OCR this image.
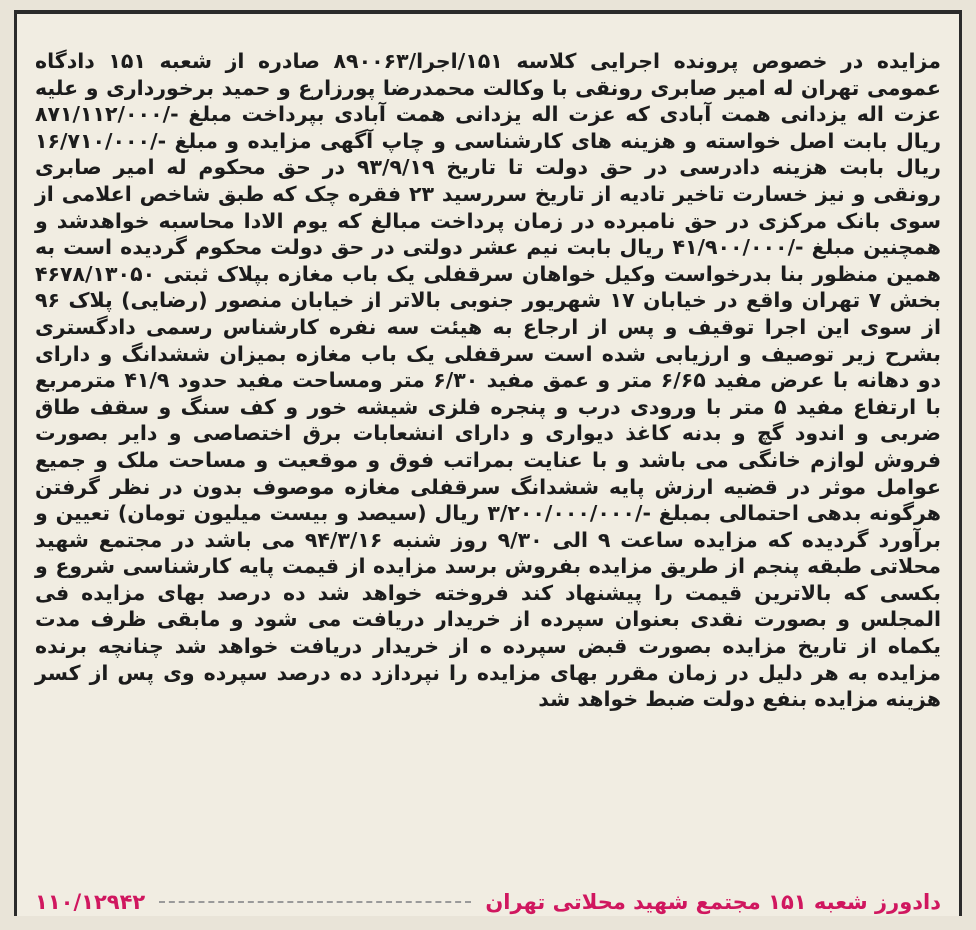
مزایده در خصوص پرونده اجرایی کلاسه ۱۵۱/اجرا/۸۹۰۰۶۳ صادره از شعبه ۱۵۱ دادگاه عمومی تهران له امیر صابری رونقی با وکالت محمدرضا پورزارع و حمید برخورداری و علیه عزت اله یزدانی همت آبادی که عزت اله یزدانی همت آبادی بپرداخت مبلغ -/۸۷۱/۱۱۲/۰۰۰ ریال بابت اصل خواسته و هزینه های کارشناسی و چاپ آگهی مزایده و مبلغ -/۱۶/۷۱۰/۰۰۰ ریال بابت هزینه دادرسی در حق دولت تا تاریخ ۹۳/۹/۱۹ در حق محکوم له امیر صابری رونقی و نیز خسارت تاخیر تادیه از تاریخ سررسید ۲۳ فقره چک که طبق شاخص اعلامی از سوی بانک مرکزی در حق نامبرده در زمان پرداخت مبالغ که یوم الادا محاسبه خواهدشد و همچنین مبلغ -/۴۱/۹۰۰/۰۰۰ ریال بابت نیم عشر دولتی در حق دولت محکوم گردیده است به همین منظور بنا بدرخواست وکیل خواهان سرقفلی یک باب مغازه بپلاک ثبتی ۴۶۷۸/۱۳۰۵۰ بخش ۷ تهران واقع در خیابان ۱۷ شهریور جنوبی بالاتر از خیابان منصور (رضایی) پلاک ۹۶ از سوی این اجرا توقیف و پس از ارجاع به هیئت سه نفره کارشناس رسمی دادگستری بشرح زیر توصیف و ارزیابی شده است سرقفلی یک باب مغازه بمیزان ششدانگ و دارای دو دهانه با عرض مفید ۶/۶۵ متر و عمق مفید ۶/۳۰ متر ومساحت مفید حدود ۴۱/۹ مترمربع با ارتفاع مفید ۵ متر با ورودی درب و پنجره فلزی شیشه خور و کف سنگ و سقف طاق ضربی و اندود گچ و بدنه کاغذ دیواری و دارای انشعابات برق اختصاصی و دایر بصورت فروش لوازم خانگی می باشد و با عنایت بمراتب فوق و موقعیت و مساحت ملک و جمیع عوامل موثر در قضیه ارزش پایه ششدانگ سرقفلی مغازه موصوف بدون در نظر گرفتن هرگونه بدهی احتمالی بمبلغ -/۳/۲۰۰/۰۰۰/۰۰۰ ریال (سیصد و بیست میلیون تومان) تعیین و برآورد گردیده که مزایده ساعت ۹ الی ۹/۳۰ روز شنبه ۹۴/۳/۱۶ می باشد در مجتمع شهید محلاتی طبقه پنجم از طریق مزایده بفروش برسد مزایده از قیمت پایه کارشناسی شروع و بکسی که بالاترین قیمت را پیشنهاد کند فروخته خواهد شد ده درصد بهای مزایده فی المجلس و بصورت نقدی بعنوان سپرده از خریدار دریافت می شود و مابقی ظرف مدت یکماه از تاریخ مزایده بصورت قبض سپرده ه از خریدار دریافت خواهد شد چنانچه برنده مزایده به هر دلیل در زمان مقرر بهای مزایده را نپردازد ده درصد سپرده وی پس از کسر هزینه مزایده بنفع دولت ضبط خواهد شد

دادورز شعبه ۱۵۱ مجتمع شهید محلاتی تهران
۱۱۰/۱۲۹۴۲
